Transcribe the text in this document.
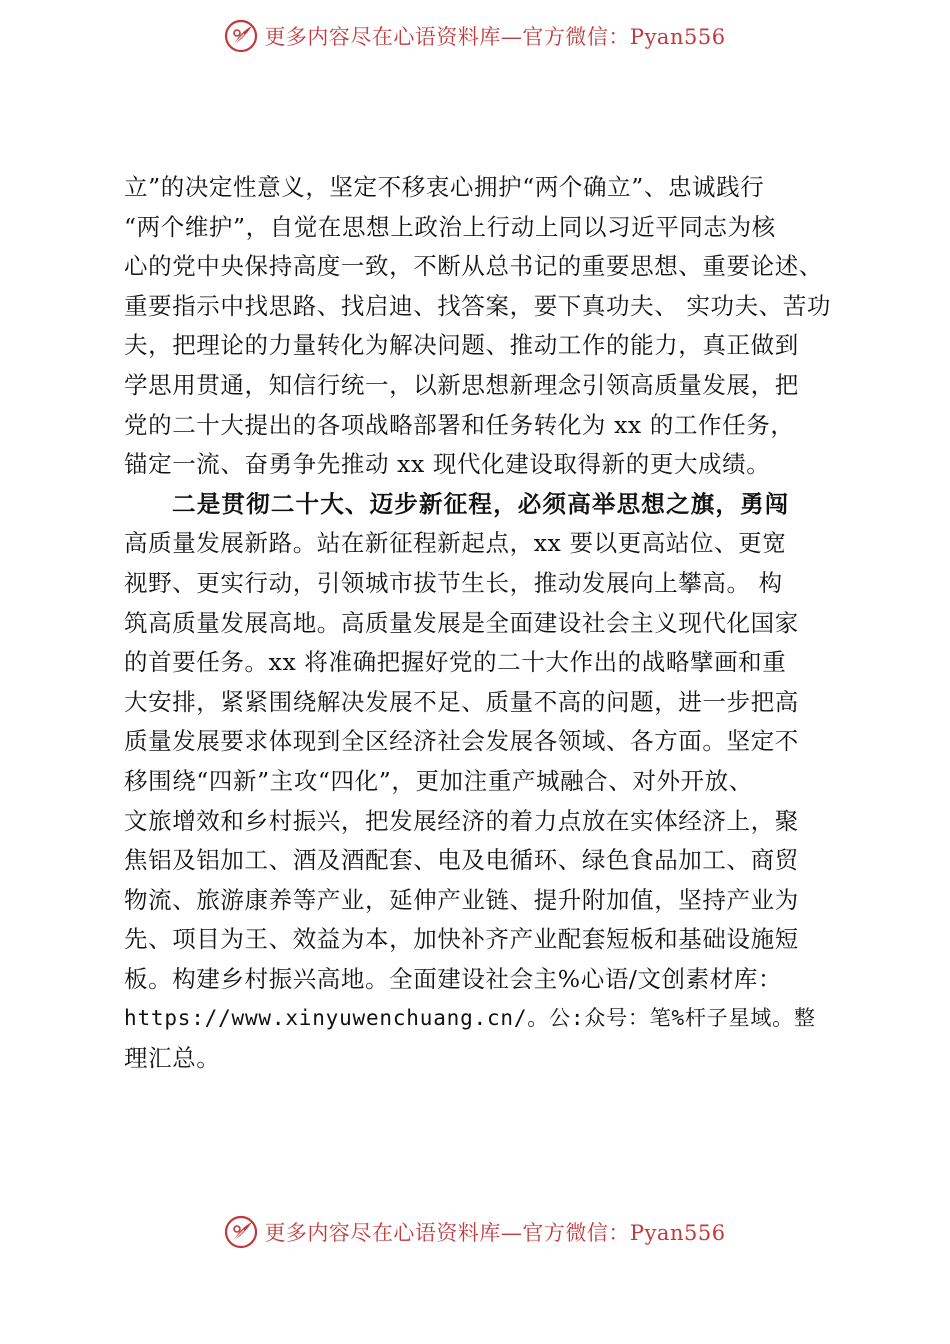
更多内容尽在心语资料库—官方微信：Pyan556
立”的决定性意义，坚定不移衷心拥护“两个确立”、忠诚践行
“两个维护”，自觉在思想上政治上行动上同以习近平同志为核
心的党中央保持高度一致，不断从总书记的重要思想、重要论述、
重要指示中找思路、找启迪、找答案，要下真功夫、 实功夫、苦功
夫，把理论的力量转化为解决问题、推动工作的能力，真正做到
学思用贯通，知信行统一，以新思想新理念引领高质量发展，把
党的二十大提出的各项战略部署和任务转化为 xx 的工作任务，
锚定一流、奋勇争先推动 xx 现代化建设取得新的更大成绩。
二是贯彻二十大、迈步新征程，必须高举思想之旗，勇闯
高质量发展新路。站在新征程新起点，xx 要以更高站位、更宽
视野、更实行动，引领城市拔节生长，推动发展向上攀高。 构
筑高质量发展高地。高质量发展是全面建设社会主义现代化国家
的首要任务。xx 将准确把握好党的二十大作出的战略擘画和重
大安排，紧紧围绕解决发展不足、质量不高的问题，进一步把高
质量发展要求体现到全区经济社会发展各领域、各方面。坚定不
移围绕“四新”主攻“四化”，更加注重产城融合、对外开放、
文旅增效和乡村振兴，把发展经济的着力点放在实体经济上，聚
焦铝及铝加工、酒及酒配套、电及电循环、绿色食品加工、商贸
物流、旅游康养等产业，延伸产业链、提升附加值，坚持产业为
先、项目为王、效益为本，加快补齐产业配套短板和基础设施短
板。构建乡村振兴高地。全面建设社会主%心语/文创素材库：
https://www.xinyuwenchuang.cn/。公:众号：笔%杆子星域。整
理汇总。
更多内容尽在心语资料库—官方微信：Pyan556
